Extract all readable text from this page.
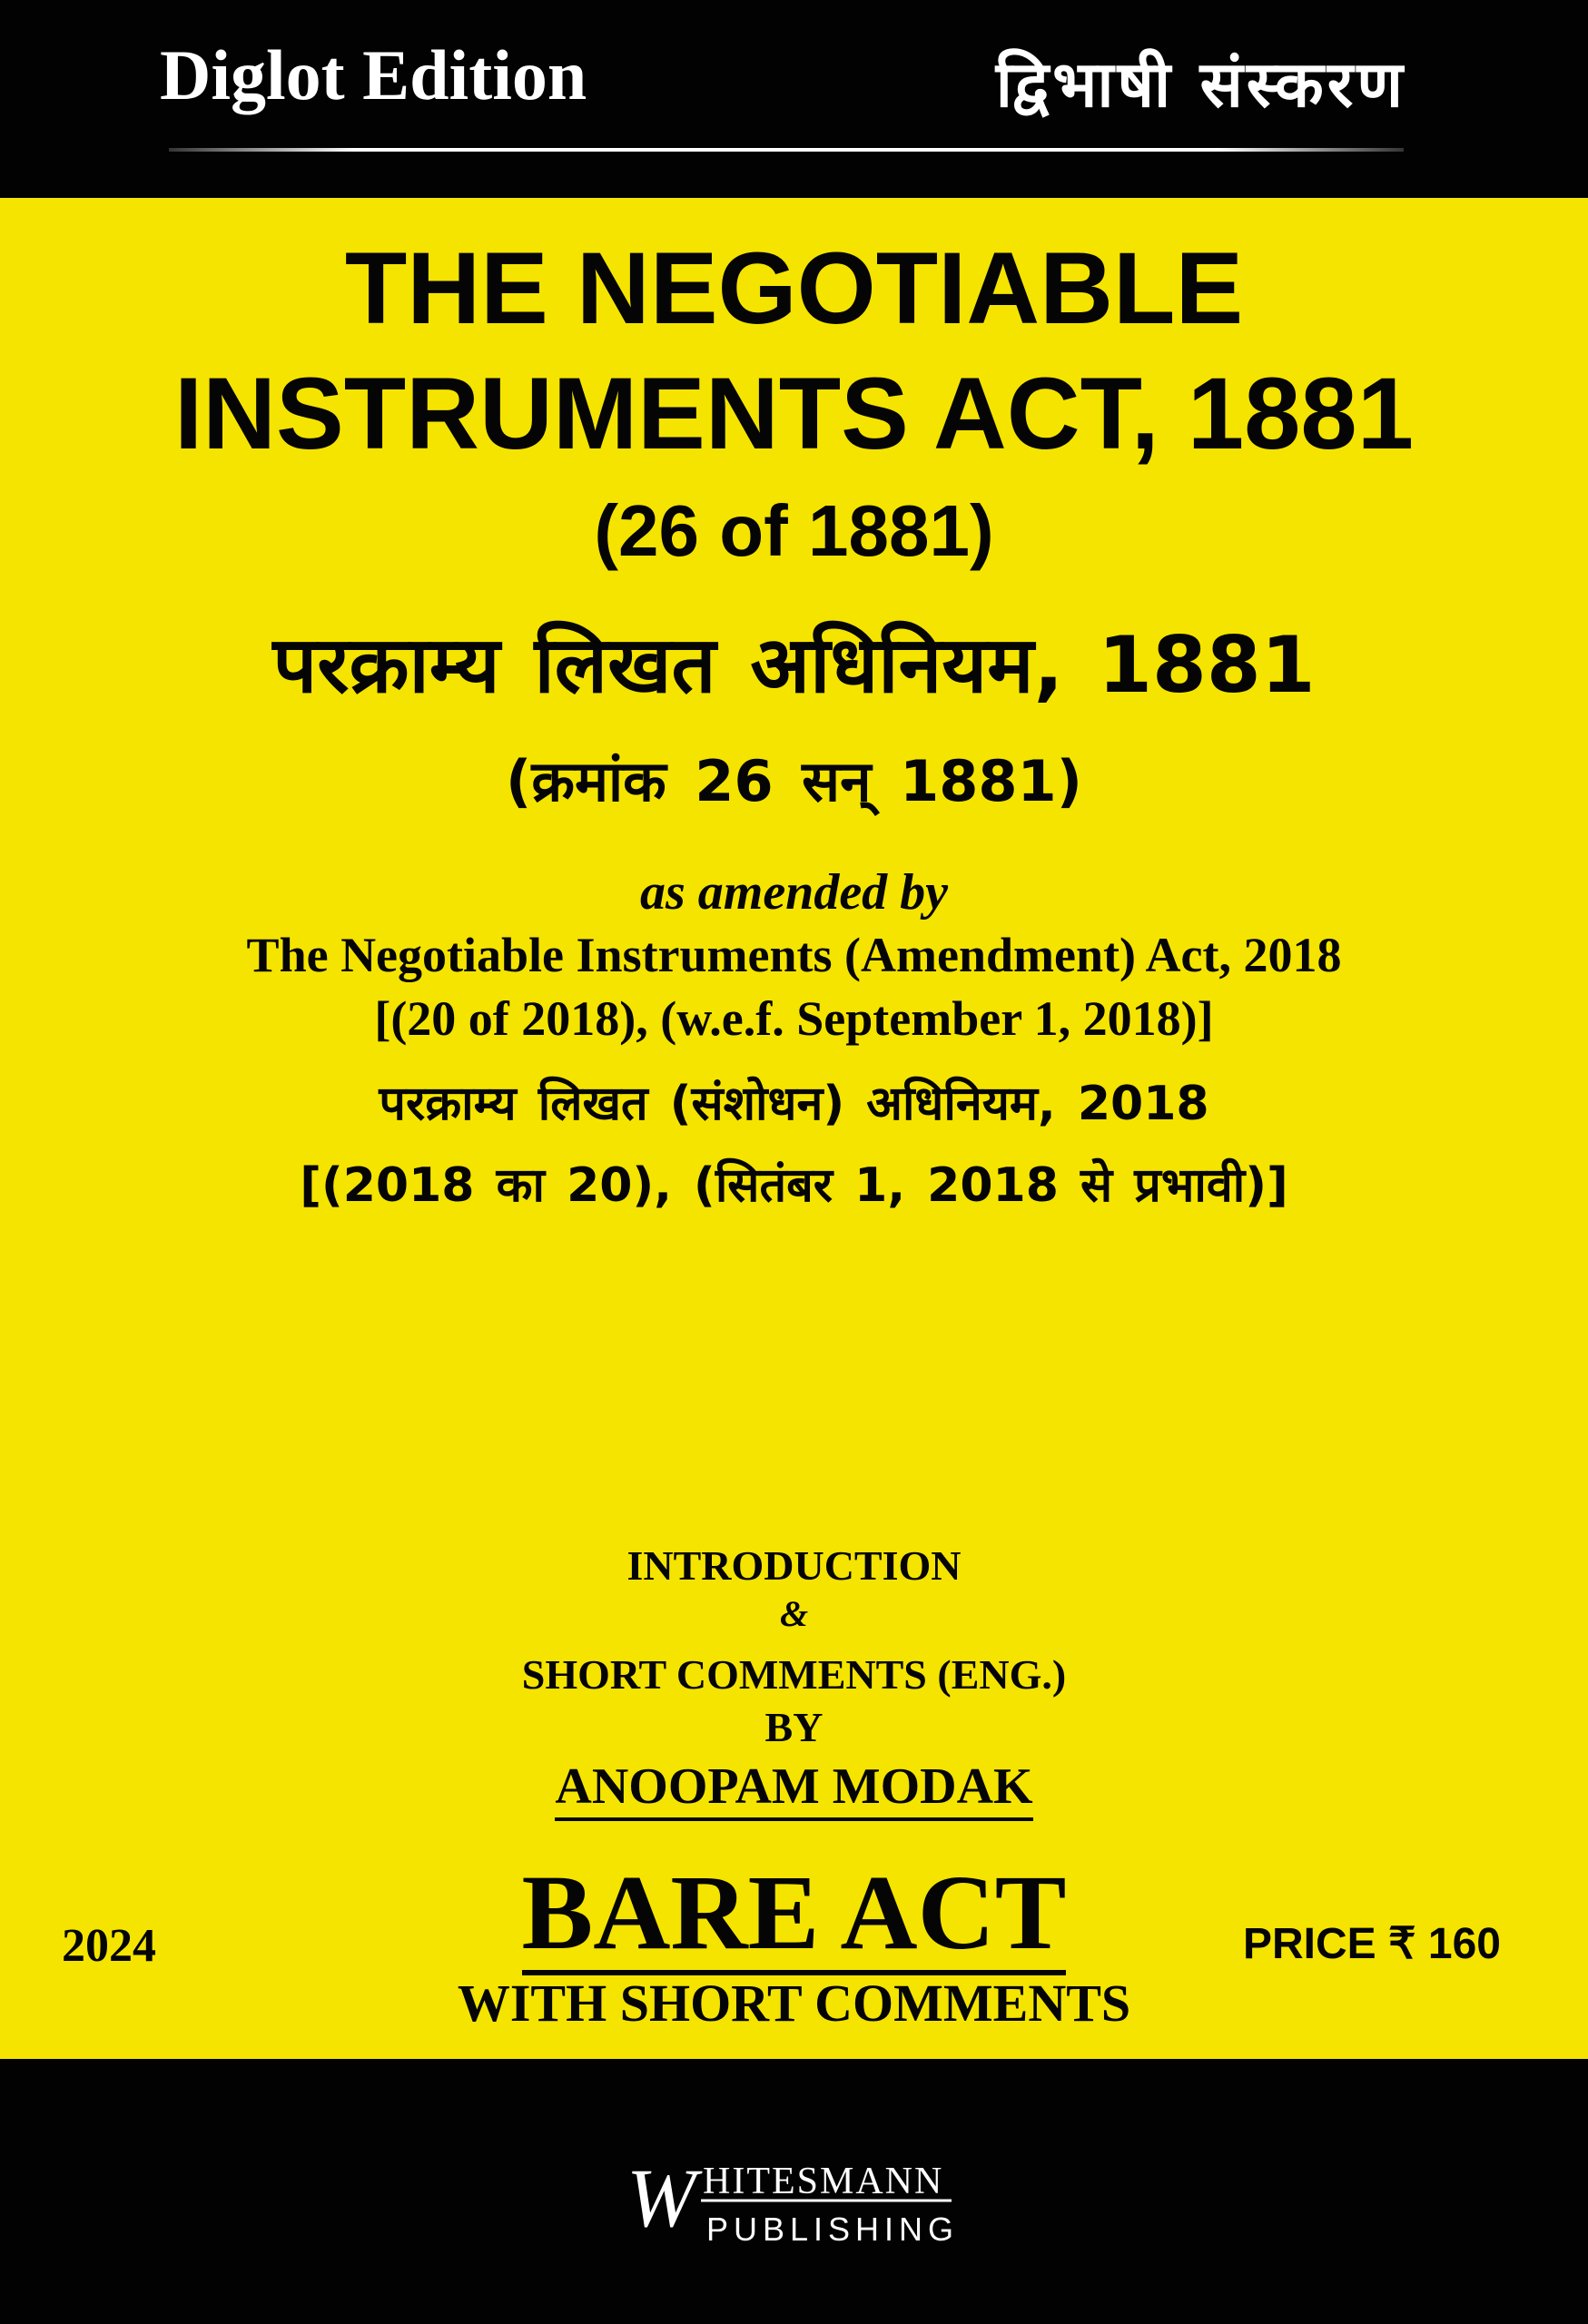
Diglot Edition	द्विभाषी संस्करण
THE NEGOTIABLE
INSTRUMENTS ACT, 1881
(26 of 1881)
परक्राम्य लिखत अधिनियम, 1881
(क्रमांक 26 सन् 1881)
as amended by
The Negotiable Instruments (Amendment) Act, 2018
[(20 of 2018), (w.e.f. September 1, 2018)]
परक्राम्य लिखत (संशोधन) अधिनियम, 2018
[(2018 का 20), (सितंबर 1, 2018 से प्रभावी)]
INTRODUCTION
&
SHORT COMMENTS (ENG.)
BY
ANOOPAM MODAK
2024	BARE ACT
WITH SHORT COMMENTS
PRICE ₹ 160
W HITESMANN
PUBLISHING
